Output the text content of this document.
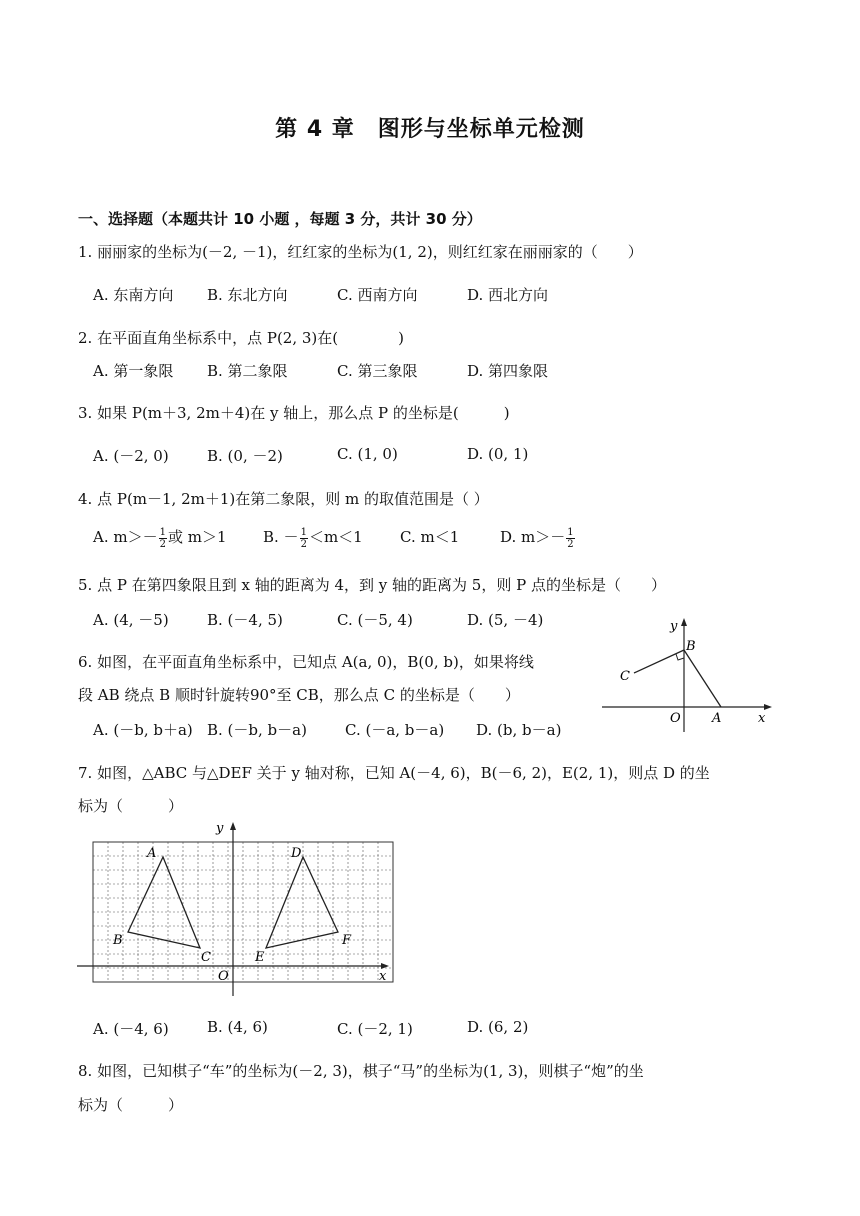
第 4 章　图形与坐标单元检测
一、选择题（本题共计 10 小题 ，每题 3 分，共计 30 分）
1. 丽丽家的坐标为(－2, －1)，红红家的坐标为(1, 2)，则红红家在丽丽家的（　　）
A. 东南方向 B. 东北方向	C. 西南方向	D. 西北方向
2. 在平面直角坐标系中，点 P(2, 3)在(　　　　)
A. 第一象限 B. 第二象限	C. 第三象限	D. 第四象限
3. 如果 P(m＋3, 2m＋4)在 y 轴上，那么点 P 的坐标是(　　　)
A. (－2, 0)	B. (0, －2)	C. (1, 0)	D. (0, 1)
4. 点 P(m－1, 2m＋1)在第二象限，则 m 的取值范围是（ ）
A. $m>- \frac{1}{2}$ 或 m＞1 B. － $\frac{1}{2} <m<1$ C. m＜1	D. $m>- \frac{1}{2}$
5. 点 P 在第四象限且到 x 轴的距离为 4，到 y 轴的距离为 5，则 P 点的坐标是（　　）
A. (4, －5)	B. (－4, 5)	C. (－5, 4)	D. (5, －4)
6. 如图，在平面直角坐标系中，已知点 A(a, 0)，B(0, b)，如果将线
段 AB 绕点 B 顺时针旋转90°至 CB，那么点 C 的坐标是（　　）
A. (－b, b＋a) B. (－b, b－a)	C. (－a, b－a) D. (b, b－a)
y
B
C
O A	x
7. 如图，△ABC 与△DEF 关于 y 轴对称，已知 A(－4, 6)，B(－6, 2)，E(2, 1)，则点 D 的坐
标为（　　　）
y
A
B
C
D
E
F
O	x
A. (－4, 6)	B. (4, 6)	C. (－2, 1)	D. (6, 2)
8. 如图，已知棋子“车”的坐标为(－2, 3)，棋子“马”的坐标为(1, 3)，则棋子“炮”的坐
标为（　　　）
